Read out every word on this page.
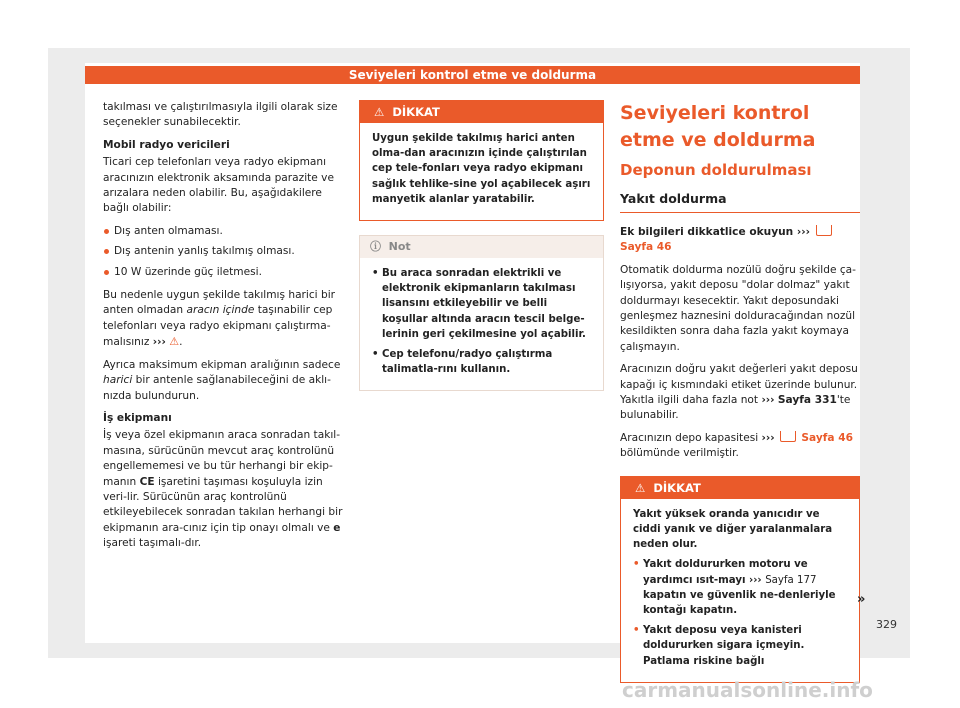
Seviyeleri kontrol etme ve doldurma

takılması ve çalıştırılmasıyla ilgili olarak size seçenekler sunabilecektir.

Mobil radyo vericileri

Ticari cep telefonları veya radyo ekipmanı aracınızın elektronik aksamında parazite ve arızalara neden olabilir. Bu, aşağıdakilere bağlı olabilir:

Dış anten olmaması.
Dış antenin yanlış takılmış olması.
10 W üzerinde güç iletmesi.

Bu nedenle uygun şekilde takılmış harici bir anten olmadan aracın içinde taşınabilir cep telefonları veya radyo ekipmanı çalıştırma-malısınız ››› ⚠.

Ayrıca maksimum ekipman aralığının sadece harici bir antenle sağlanabileceğini de aklı-nızda bulundurun.

İş ekipmanı

İş veya özel ekipmanın araca sonradan takıl-masına, sürücünün mevcut araç kontrolünü engellememesi ve bu tür herhangi bir ekip-manın CE işaretini taşıması koşuluyla izin veri-lir. Sürücünün araç kontrolünü etkileyebilecek sonradan takılan herhangi bir ekipmanın ara-cınız için tip onayı olmalı ve e işareti taşımalı-dır.

⚠ DİKKAT

Uygun şekilde takılmış harici anten olma-dan aracınızın içinde çalıştırılan cep tele-fonları veya radyo ekipmanı sağlık tehlike-sine yol açabilecek aşırı manyetik alanlar yaratabilir.

ⓘ Not

• Bu araca sonradan elektrikli ve elektronik ekipmanların takılması lisansını etkileyebilir ve belli koşullar altında aracın tescil belge-lerinin geri çekilmesine yol açabilir.

• Cep telefonu/radyo çalıştırma talimatla-rını kullanın.

Seviyeleri kontrol etme ve doldurma
Deponun doldurulması
Yakıt doldurma

Ek bilgileri dikkatlice okuyun ›››  Sayfa 46

Otomatik doldurma nozülü doğru şekilde ça-lışıyorsa, yakıt deposu "dolar dolmaz" yakıt doldurmayı kesecektir. Yakıt deposundaki genleşmez haznesini dolduracağından nozül kesildikten sonra daha fazla yakıt koymaya çalışmayın.

Aracınızın doğru yakıt değerleri yakıt deposu kapağı iç kısmındaki etiket üzerinde bulunur. Yakıtla ilgili daha fazla not ››› Sayfa 331'te bulunabilir.

Aracınızın depo kapasitesi ›››	Sayfa 46 bölümünde verilmiştir.

⚠ DİKKAT

Yakıt yüksek oranda yanıcıdır ve ciddi yanık ve diğer yaralanmalara neden olur.

• Yakıt doldururken motoru ve yardımcı ısıt-mayı ››› Sayfa 177 kapatın ve güvenlik ne-denleriyle kontağı kapatın.

• Yakıt deposu veya kanisteri doldururken sigara içmeyin. Patlama riskine bağlı

»
329
carmanualsonline.info
